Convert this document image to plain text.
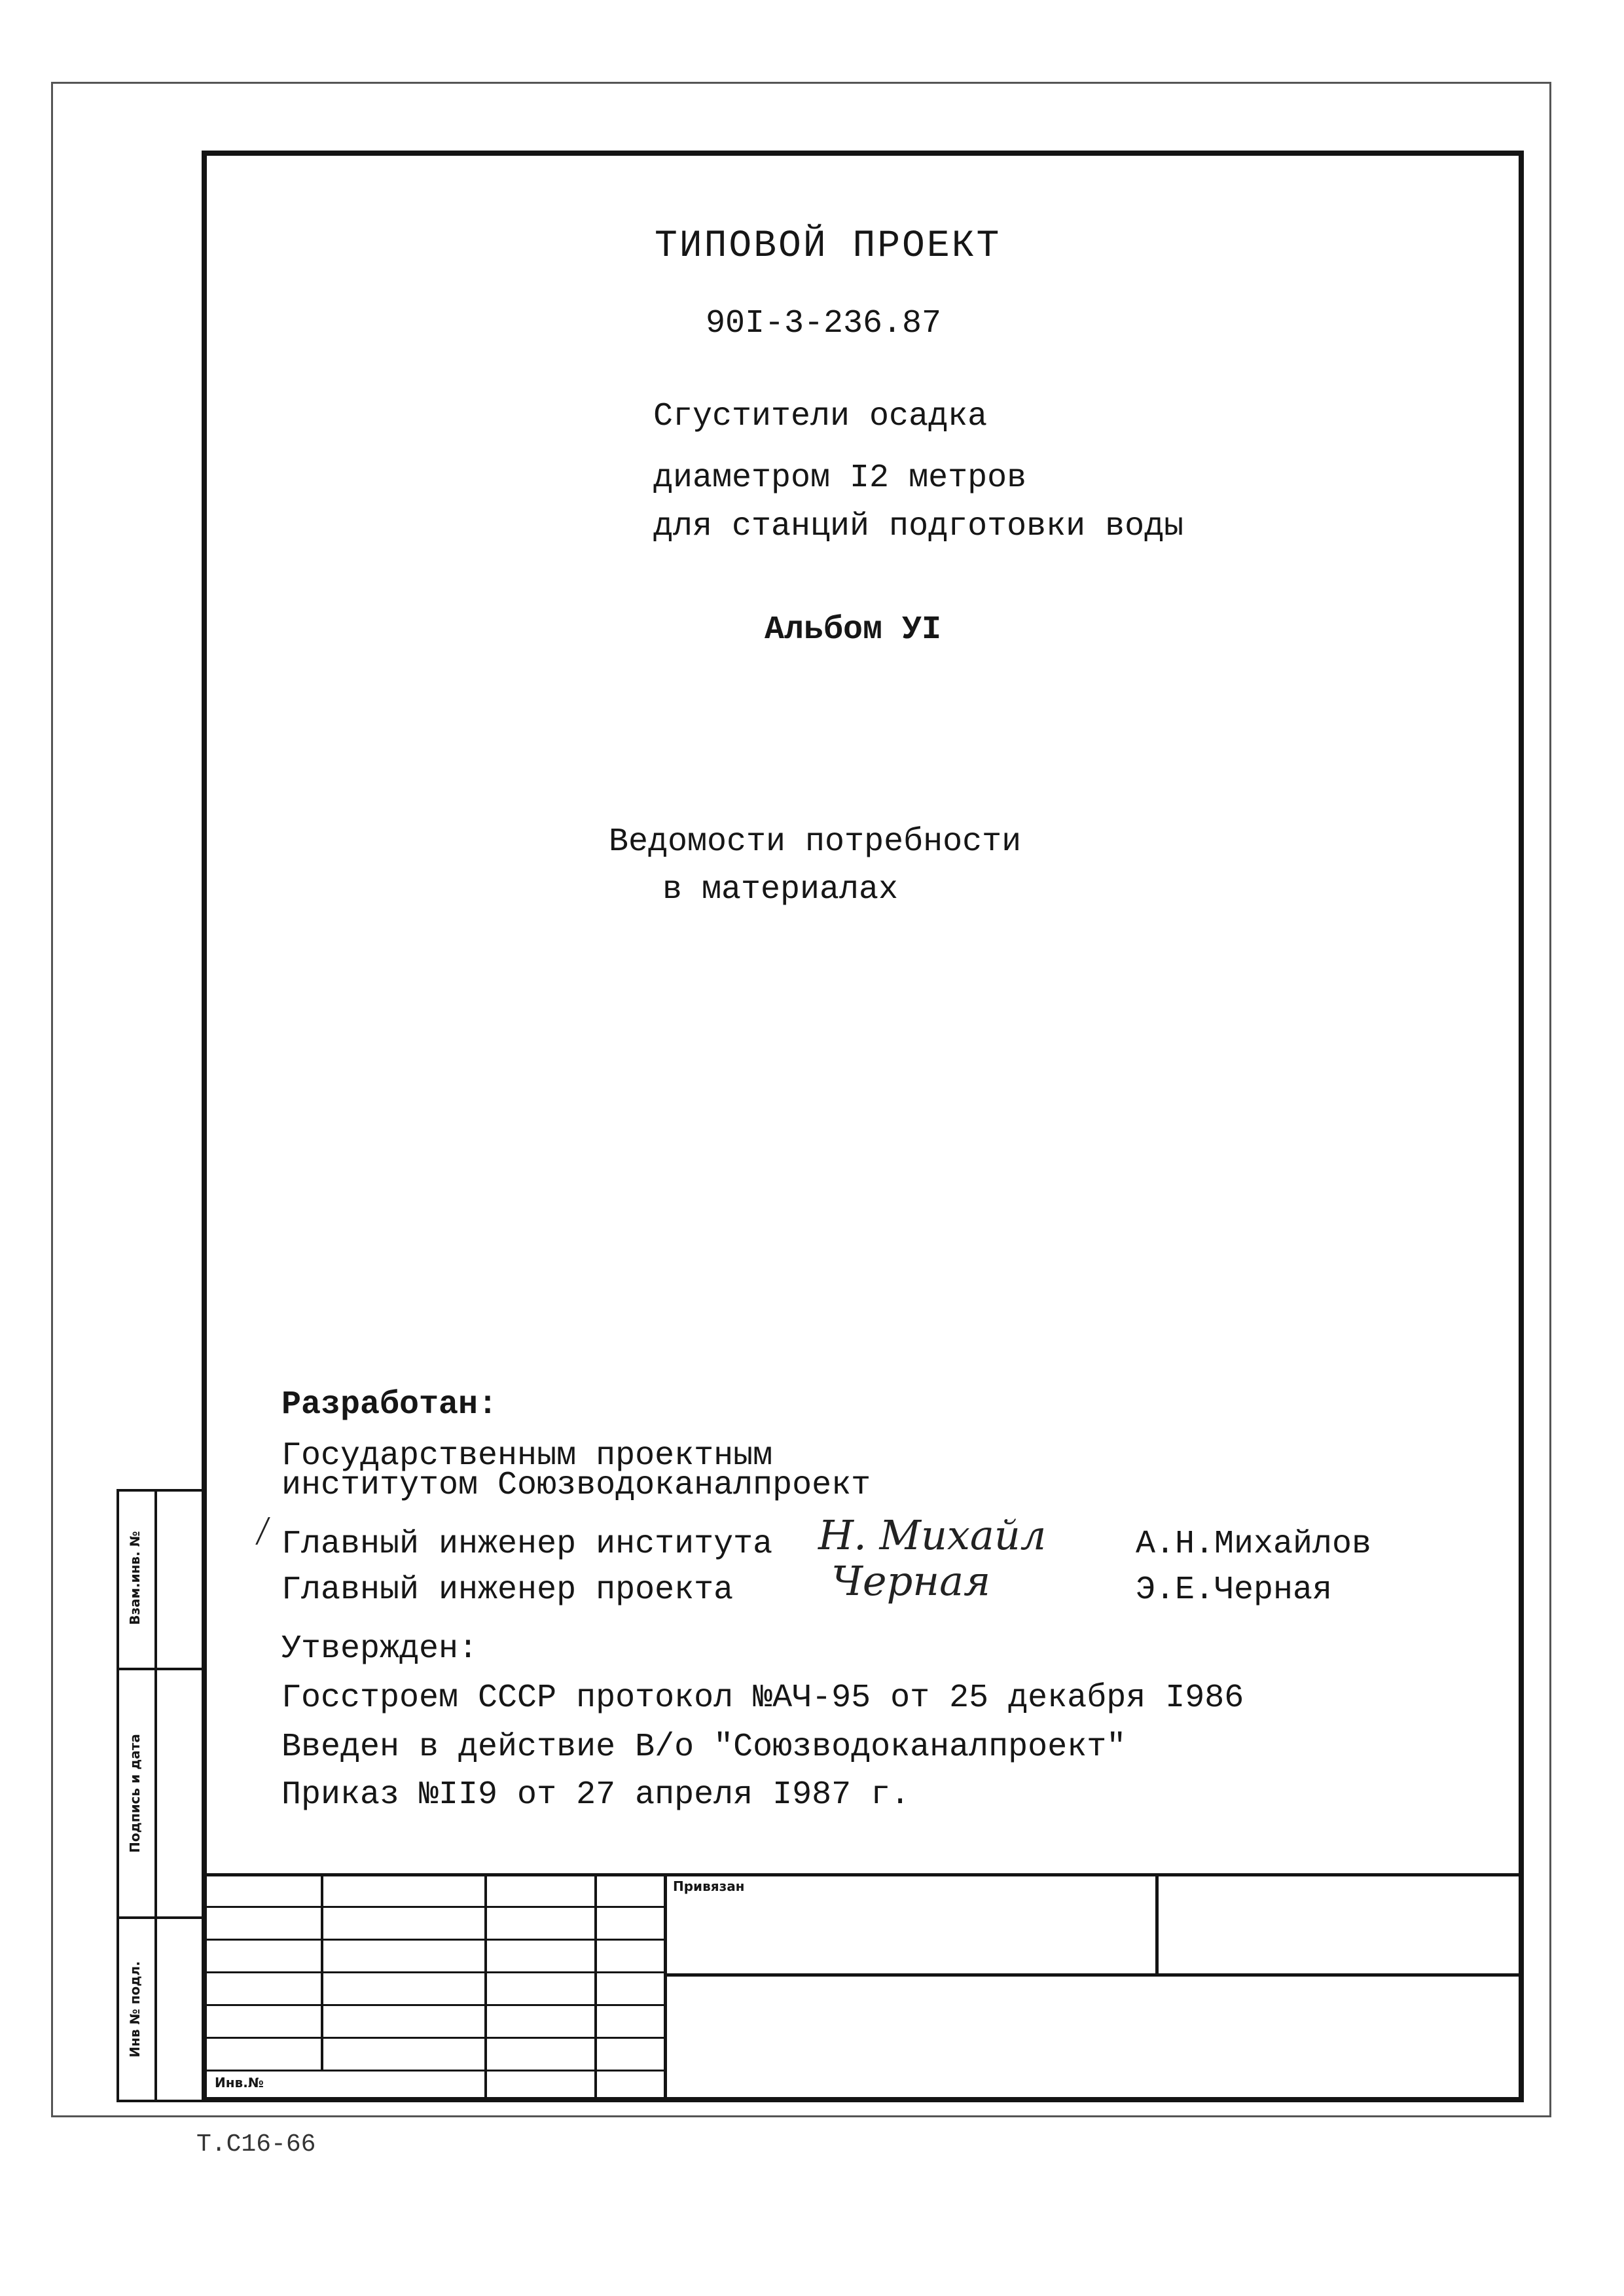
ТИПОВОЙ ПРОЕКТ
90I-3-236.87
Сгустители осадка
диаметром I2 метров
для станций подготовки воды
Альбом УI
Ведомости потребности
в материалах
Разработан:
Государственным проектным
институтом Союзводоканалпроект
Главный инженер института Н. Михайл	А.Н.Михайлов
Главный инженер проекта Черная	Э.Е.Черная
Утвержден:
Госстроем СССР протокол №АЧ-95 от 25 декабря I986
Введен в действие В/о "Союзводоканалпроект"
Приказ №II9 от 27 апреля I987 г.
Привязан
Инв.№
Взам.инв. №
Подпись и дата
Инв № подл.
Т.С16-66
